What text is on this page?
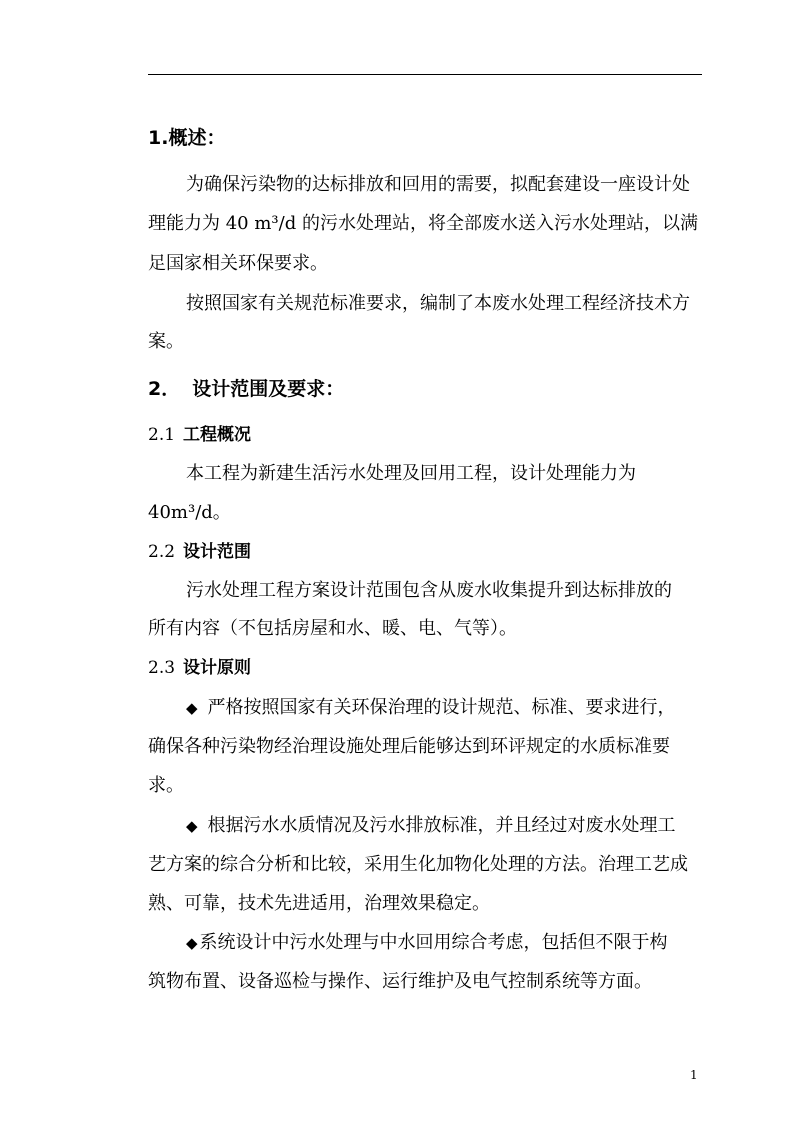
1.概述：
为确保污染物的达标排放和回用的需要，拟配套建设一座设计处
理能力为 40 m³/d 的污水处理站，将全部废水送入污水处理站，以满
足国家相关环保要求。
按照国家有关规范标准要求，编制了本废水处理工程经济技术方
案。
2． 设计范围及要求：
2.1 工程概况
本工程为新建生活污水处理及回用工程，设计处理能力为
40m³/d。
2.2 设计范围
污水处理工程方案设计范围包含从废水收集提升到达标排放的
所有内容（不包括房屋和水、暖、电、气等）。
2.3 设计原则
◆ 严格按照国家有关环保治理的设计规范、标准、要求进行，
确保各种污染物经治理设施处理后能够达到环评规定的水质标准要
求。
◆ 根据污水水质情况及污水排放标准，并且经过对废水处理工
艺方案的综合分析和比较，采用生化加物化处理的方法。治理工艺成
熟、可靠，技术先进适用，治理效果稳定。
◆ 系统设计中污水处理与中水回用综合考虑，包括但不限于构
筑物布置、设备巡检与操作、运行维护及电气控制系统等方面。
1
